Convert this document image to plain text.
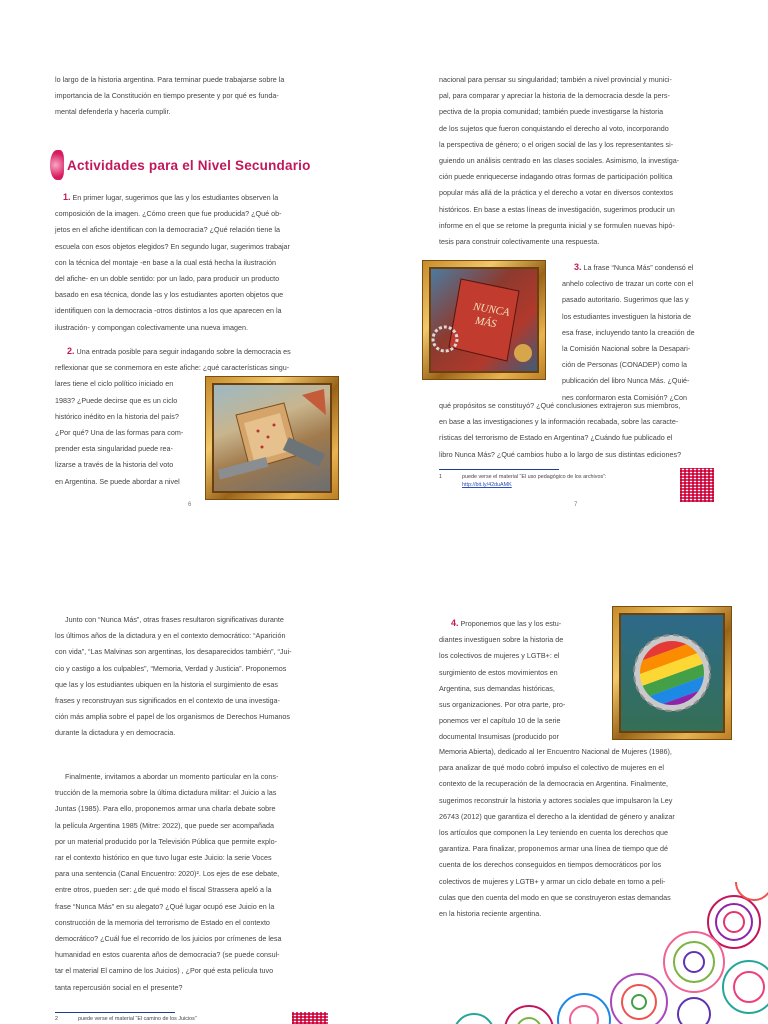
lo largo de la historia argentina. Para terminar puede trabajarse sobre la

importancia de la Constitución en tiempo presente y por qué es funda-

mental defenderla y hacerla cumplir.

Actividades para el Nivel Secundario

1. En primer lugar, sugerimos que las y los estudiantes observen la

composición de la imagen. ¿Cómo creen que fue producida? ¿Qué ob-

jetos en el afiche identifican con la democracia? ¿Qué relación tiene la

escuela con esos objetos elegidos? En segundo lugar, sugerimos trabajar

con la técnica del montaje -en base a la cual está hecha la ilustración

del afiche- en un doble sentido: por un lado, para producir un producto

basado en esa técnica, donde las y los estudiantes aporten objetos que

identifiquen con la democracia -otros distintos a los que aparecen en la

ilustración- y compongan colectivamente una nueva imagen.

2. Una entrada posible para seguir indagando sobre la democracia es

reflexionar que se conmemora en este afiche: ¿qué características singu-

lares tiene el ciclo político iniciado en

1983? ¿Puede decirse que es un ciclo

histórico inédito en la historia del país?

¿Por qué? Una de las formas para com-

prender esta singularidad puede rea-

lizarse a través de la historia del voto

en Argentina. Se puede abordar a nivel

6

nacional para pensar su singularidad; también a nivel provincial y munici-

pal, para comparar y apreciar la historia de la democracia desde la pers-

pectiva de la propia comunidad; también puede investigarse la historia

de los sujetos que fueron conquistando el derecho al voto, incorporando

la perspectiva de género; o el origen social de las y los representantes si-

guiendo un análisis centrado en las clases sociales. Asimismo, la investiga-

ción puede enriquecerse indagando otras formas de participación política

popular más allá de la práctica y el derecho a votar en diversos contextos

históricos. En base a estas líneas de investigación, sugerimos producir un

informe en el que se retome la pregunta inicial y se formulen nuevas hipó-

tesis para construir colectivamente una respuesta.

NUNCA
MÁS

3. La frase “Nunca Más” condensó el

anhelo colectivo de trazar un corte con el

pasado autoritario. Sugerimos que las y

los estudiantes investiguen la historia de

esa frase, incluyendo tanto la creación de

la Comisión Nacional sobre la Desapari-

ción de Personas (CONADEP) como la

publicación del libro Nunca Más. ¿Quié-

nes conformaron esta Comisión? ¿Con

qué propósitos se constituyó? ¿Qué conclusiones extrajeron sus miembros,

en base a las investigaciones y la información recabada, sobre las caracte-

rísticas del terrorismo de Estado en Argentina? ¿Cuándo fue publicado el

libro Nunca Más? ¿Qué cambios hubo a lo largo de sus distintas ediciones?

1	puede verse el material “El uso pedagógico de los archivos”:
http://bit.ly/42duAMK
7

Junto con “Nunca Más”, otras frases resultaron significativas durante

los últimos años de la dictadura y en el contexto democrático: “Aparición

con vida”, “Las Malvinas son argentinas, los desaparecidos también”, “Jui-

cio y castigo a los culpables”, “Memoria, Verdad y Justicia”. Proponemos

que las y los estudiantes ubiquen en la historia el surgimiento de esas

frases y reconstruyan sus significados en el contexto de una investiga-

ción más amplia sobre el papel de los organismos de Derechos Humanos

durante la dictadura y en democracia.

Finalmente, invitamos a abordar un momento particular en la cons-

trucción de la memoria sobre la última dictadura militar: el Juicio a las

Juntas (1985). Para ello, proponemos armar una charla debate sobre

la película Argentina 1985 (Mitre: 2022), que puede ser acompañada

por un material producido por la Televisión Pública que permite explo-

rar el contexto histórico en que tuvo lugar este Juicio: la serie Voces

para una sentencia (Canal Encuentro: 2020)². Los ejes de ese debate,

entre otros, pueden ser: ¿de qué modo el fiscal Strassera apeló a la

frase “Nunca Más” en su alegato? ¿Qué lugar ocupó ese Juicio en la

construcción de la memoria del terrorismo de Estado en el contexto

democrático? ¿Cuál fue el recorrido de los juicios por crímenes de lesa

humanidad en estos cuarenta años de democracia? (se puede consul-

tar el material El camino de los Juicios) , ¿Por qué esta película tuvo

tanta repercusión social en el presente?

2	puede verse el material “El camino de los Juicios”

4. Proponemos que las y los estu-

diantes investiguen sobre la historia de

los colectivos de mujeres y LGTB+: el

surgimiento de estos movimientos en

Argentina, sus demandas históricas,

sus organizaciones. Por otra parte, pro-

ponemos ver el capítulo 10 de la serie

documental Insumisas (producido por

Memoria Abierta), dedicado al Ier Encuentro Nacional de Mujeres (1986),

para analizar de qué modo cobró impulso el colectivo de mujeres en el

contexto de la recuperación de la democracia en Argentina. Finalmente,

sugerimos reconstruir la historia y actores sociales que impulsaron la Ley

26743 (2012) que garantiza el derecho a la identidad de género y analizar

los artículos que componen la Ley teniendo en cuenta los derechos que

garantiza. Para finalizar, proponemos armar una línea de tiempo que dé

cuenta de los derechos conseguidos en tiempos democráticos por los

colectivos de mujeres y LGTB+ y armar un ciclo debate en torno a peli-

culas que den cuenta del modo en que se construyeron estas demandas

en la historia reciente argentina.
